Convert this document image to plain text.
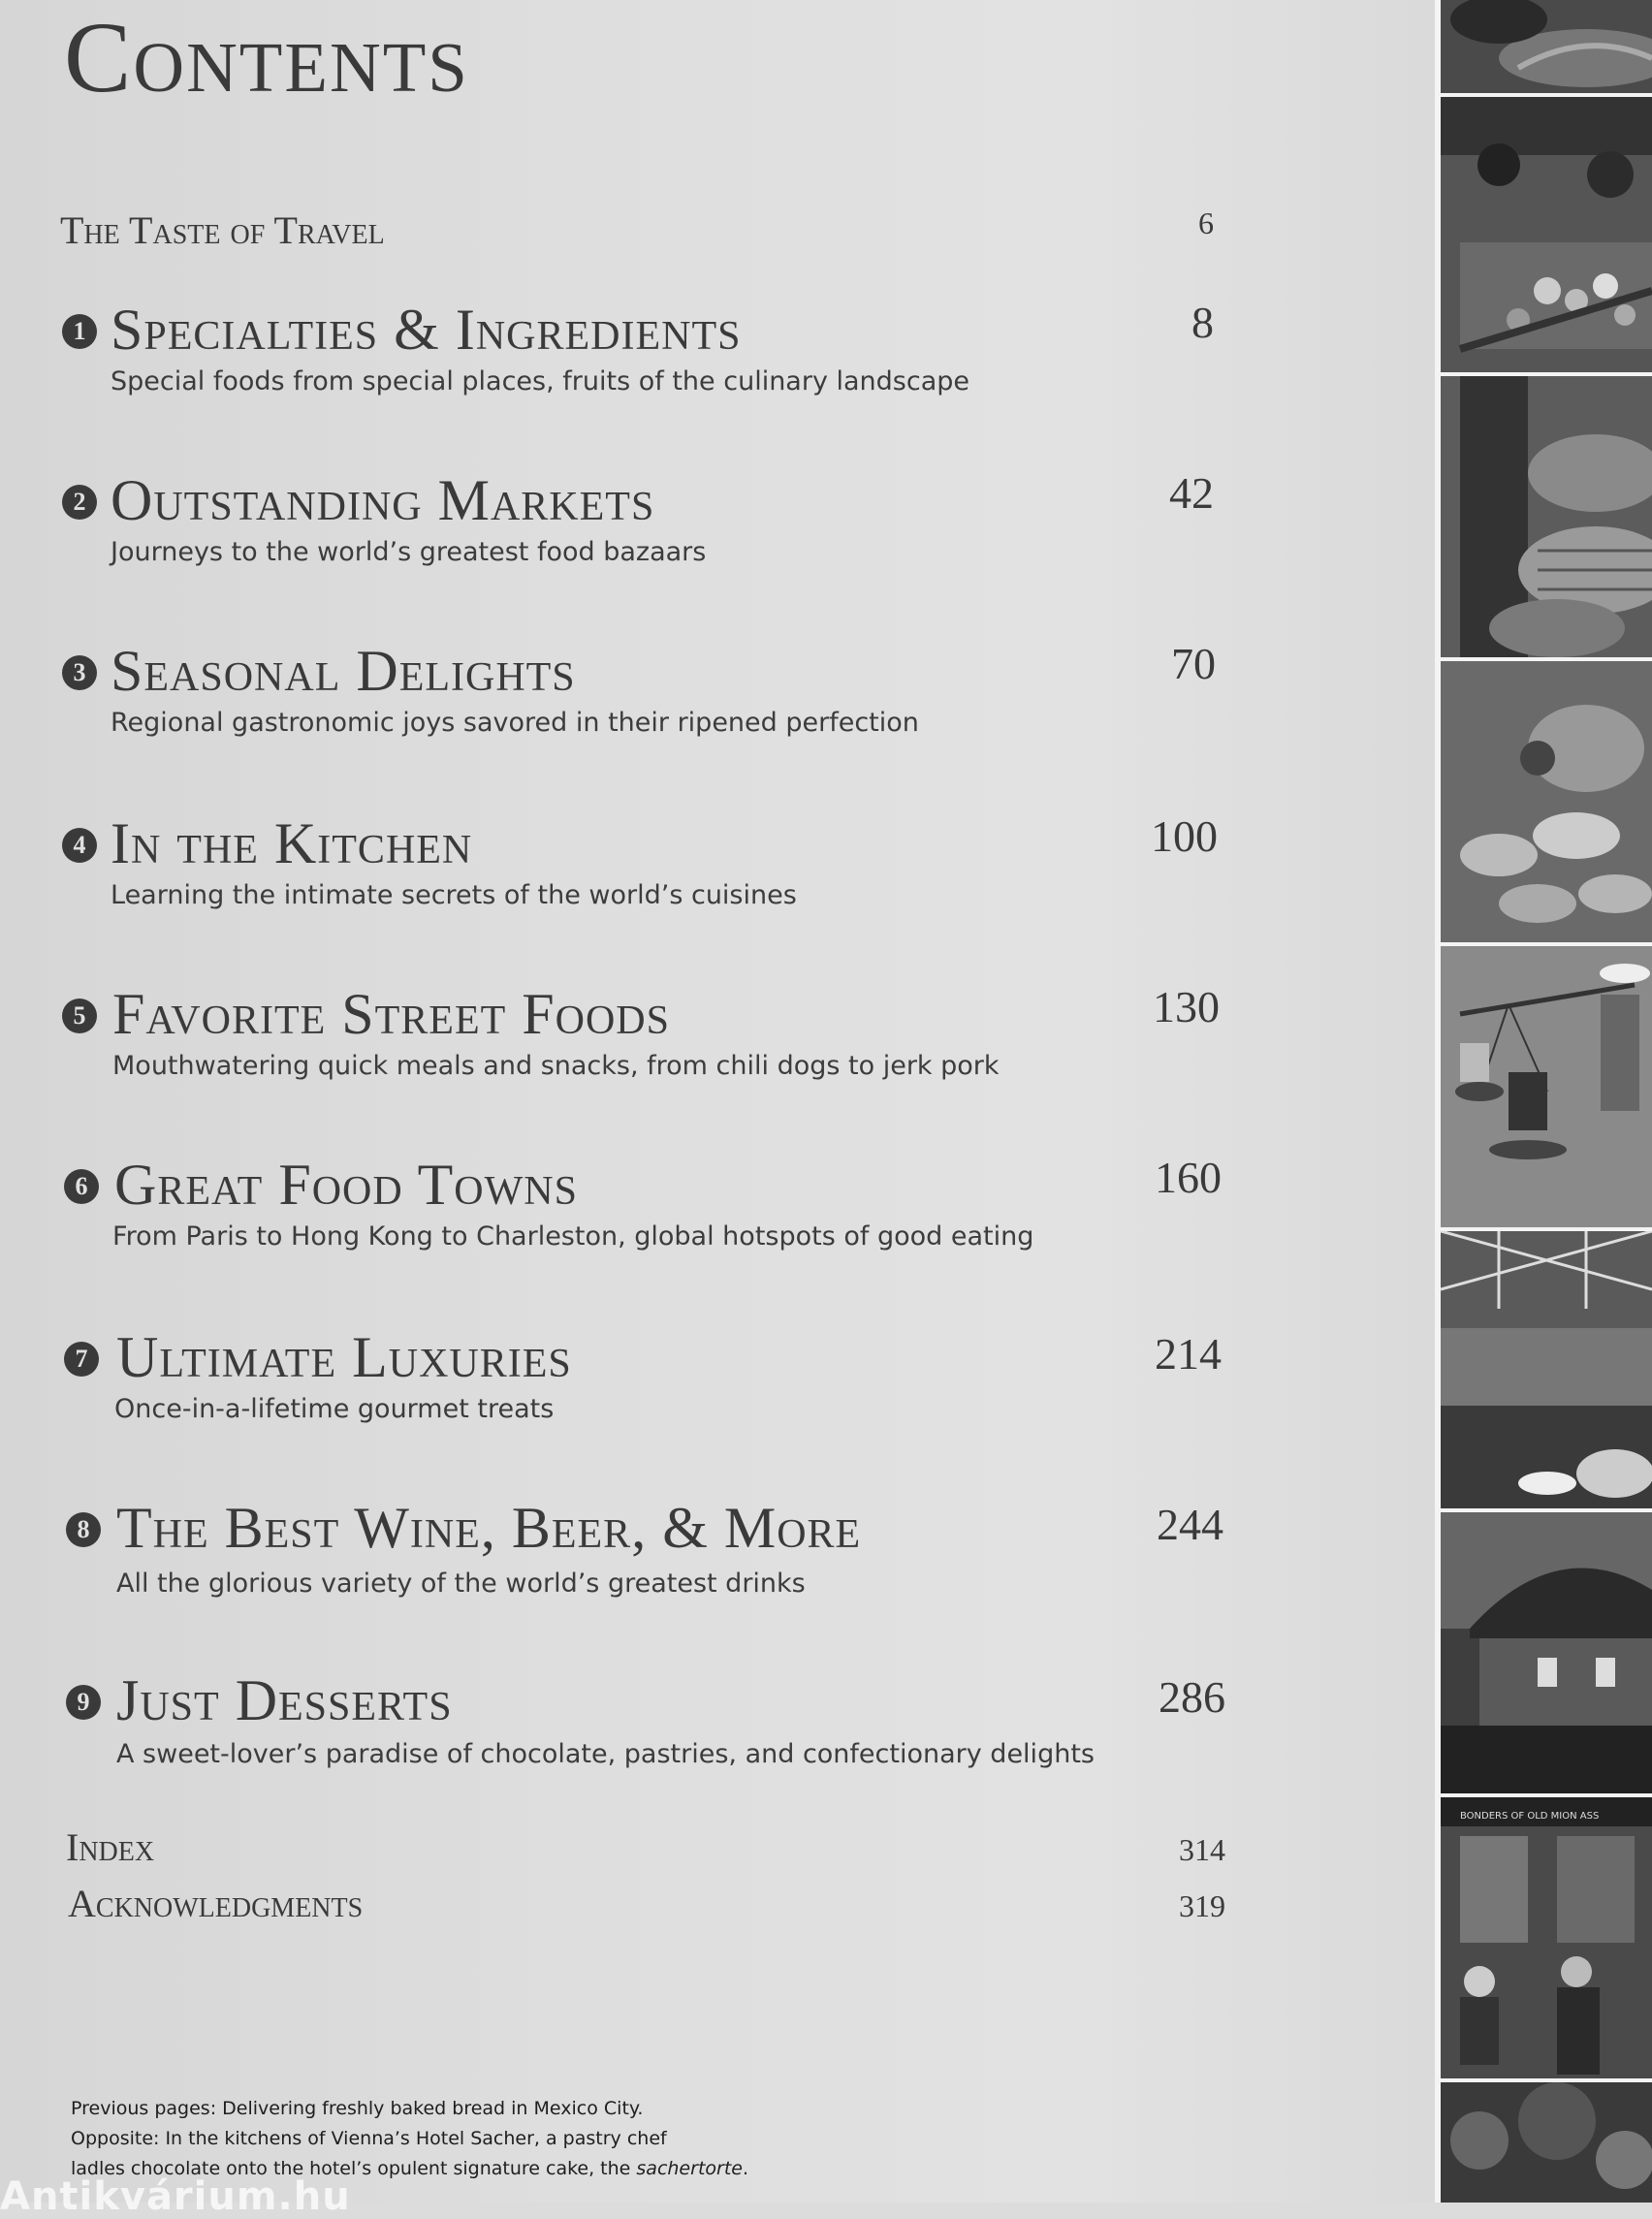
Contents
The Taste of Travel	6
1 Specialties & Ingredients	8
Special foods from special places, fruits of the culinary landscape
2 Outstanding Markets	42
Journeys to the world’s greatest food bazaars
3 Seasonal Delights	70
Regional gastronomic joys savored in their ripened perfection
4 In the Kitchen	100
Learning the intimate secrets of the world’s cuisines
5 Favorite Street Foods	130
Mouthwatering quick meals and snacks, from chili dogs to jerk pork
6 Great Food Towns	160
From Paris to Hong Kong to Charleston, global hotspots of good eating
7 Ultimate Luxuries	214
Once-in-a-lifetime gourmet treats
8 The Best Wine, Beer, & More	244
All the glorious variety of the world’s greatest drinks
9 Just Desserts	286
A sweet-lover’s paradise of chocolate, pastries, and confectionary delights
Index	314
Acknowledgments	319
Previous pages: Delivering freshly baked bread in Mexico City.
Opposite: In the kitchens of Vienna’s Hotel Sacher, a pastry chef
ladles chocolate onto the hotel’s opulent signature cake, the sachertorte.
BONDERS OF OLD MION ASS
Antikvárium.hu
